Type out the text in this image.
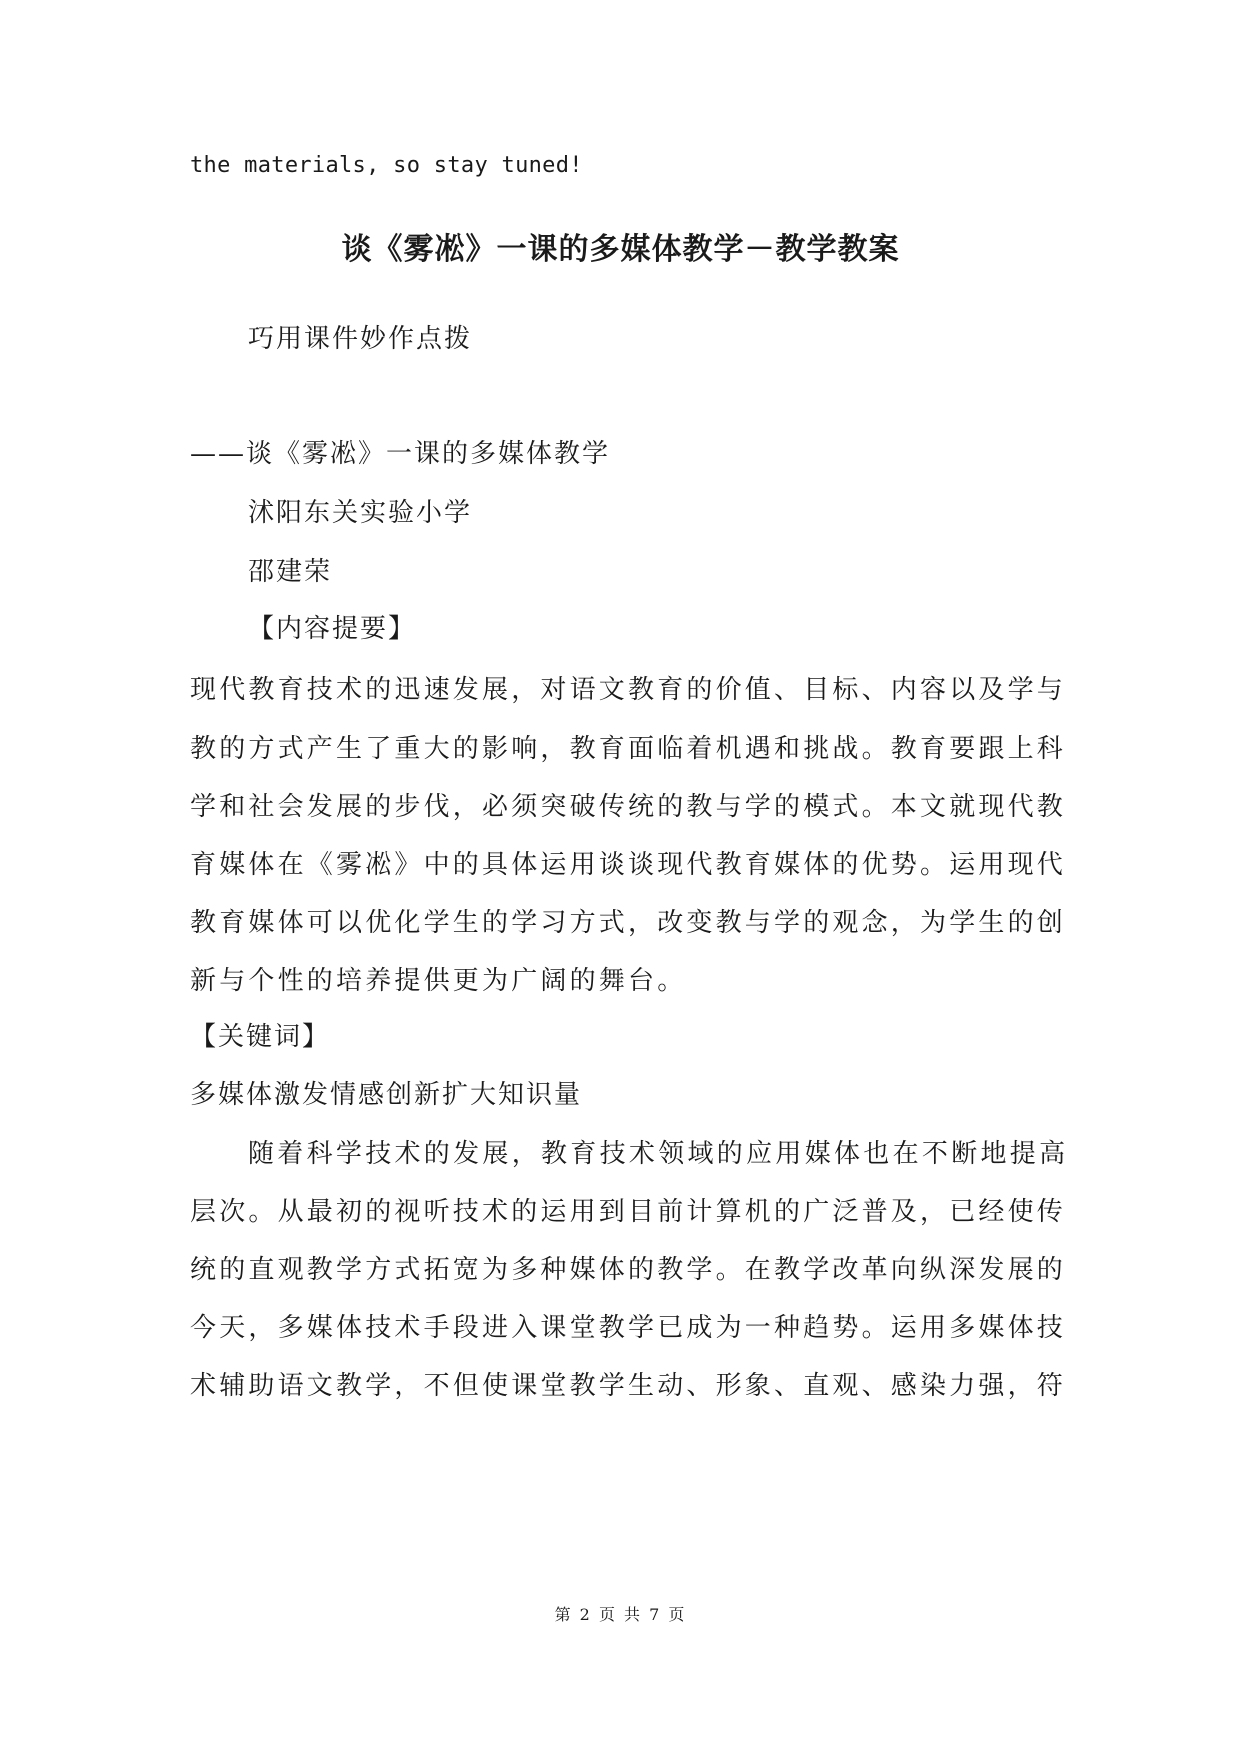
the materials, so stay tuned!
谈《雾凇》一课的多媒体教学－教学教案
巧用课件妙作点拨
——谈《雾凇》一课的多媒体教学
沭阳东关实验小学
邵建荣
【内容提要】
现代教育技术的迅速发展，对语文教育的价值、目标、内容以及学与
教的方式产生了重大的影响，教育面临着机遇和挑战。教育要跟上科
学和社会发展的步伐，必须突破传统的教与学的模式。本文就现代教
育媒体在《雾凇》中的具体运用谈谈现代教育媒体的优势。运用现代
教育媒体可以优化学生的学习方式，改变教与学的观念，为学生的创
新与个性的培养提供更为广阔的舞台。
【关键词】
多媒体激发情感创新扩大知识量
随着科学技术的发展，教育技术领域的应用媒体也在不断地提高
层次。从最初的视听技术的运用到目前计算机的广泛普及，已经使传
统的直观教学方式拓宽为多种媒体的教学。在教学改革向纵深发展的
今天，多媒体技术手段进入课堂教学已成为一种趋势。运用多媒体技
术辅助语文教学，不但使课堂教学生动、形象、直观、感染力强，符
第 2 页 共 7 页
